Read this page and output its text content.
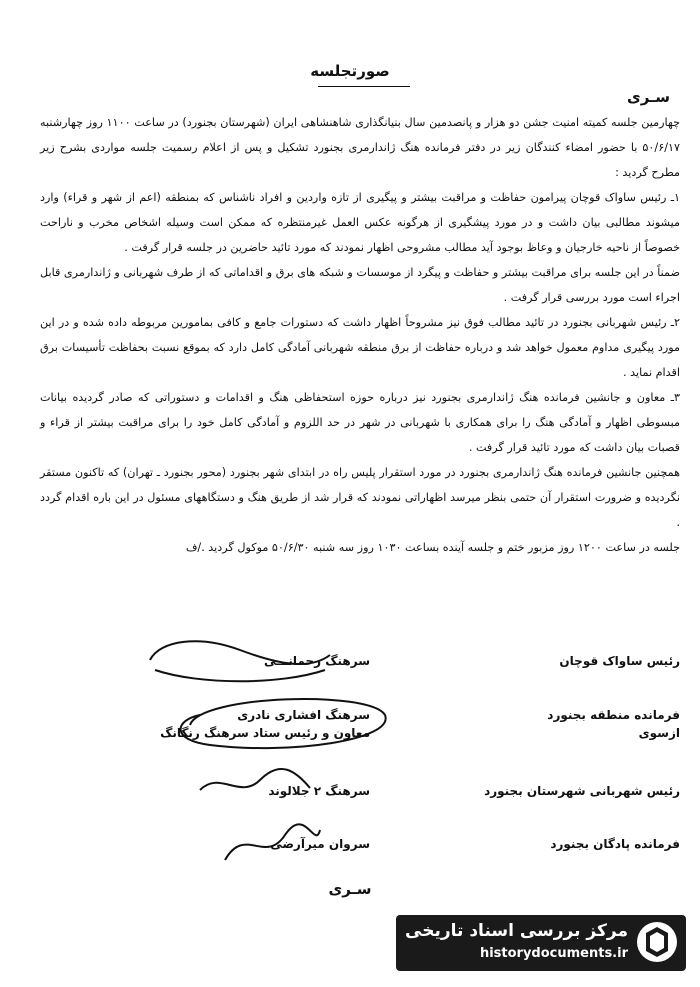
صورتجلسه
سـری

چهارمین جلسه کمیته امنیت جشن دو هزار و پانصدمین سال بنیانگذاری شاهنشاهی ایران (شهرستان بجنورد) در ساعت ۱۱۰۰ روز چهارشنبه ۵۰/۶/۱۷ با حضور امضاء کنندگان زیر در دفتر فرمانده هنگ ژاندارمری بجنورد تشکیل و پس از اعلام رسمیت جلسه مواردی بشرح زیر مطرح گردید :

۱ـ رئیس ساواک قوچان پیرامون حفاظت و مراقبت بیشتر و پیگیری از تازه واردین و افراد ناشناس که بمنطقه (اعم از شهر و قراء) وارد میشوند مطالبی بیان داشت و در مورد پیشگیری از هرگونه عکس العمل غیرمنتظره که ممکن است وسیله اشخاص مخرب و ناراحت خصوصاً از ناحیه خارجیان و وعاظ بوجود آید مطالب مشروحی اظهار نمودند که مورد تائید حاضرین در جلسه قرار گرفت .

ضمناً در این جلسه برای مراقبت بیشتر و حفاظت و پیگرد از موسسات و شبکه های برق و اقداماتی که از طرف شهربانی و ژاندارمری قابل اجراء است مورد بررسی قرار گرفت .

۲ـ رئیس شهربانی بجنورد در تائید مطالب فوق نیز مشروحاً اظهار داشت که دستورات جامع و کافی بمامورین مربوطه داده شده و در این مورد پیگیری مداوم معمول خواهد شد و درباره حفاظت از برق منطقه شهربانی آمادگی کامل دارد که بموقع نسبت بحفاظت تأسیسات برق اقدام نماید .

۳ـ معاون و جانشین فرمانده هنگ ژاندارمری بجنورد نیز درباره حوزه استحفاظی هنگ و اقدامات و دستوراتی که صادر گردیده بیانات مبسوطی اظهار و آمادگی هنگ را برای همکاری با شهربانی در شهر در حد اللزوم و آمادگی کامل خود را برای مراقبت بیشتر از قراء و قصبات بیان داشت که مورد تائید قرار گرفت .

همچنین جانشین فرمانده هنگ ژاندارمری بجنورد در مورد استقرار پلیس راه در ابتدای شهر بجنورد (محور بجنورد ـ تهران) که تاکنون مستقر نگردیده و ضرورت استقرار آن حتمی بنظر میرسد اظهاراتی نمودند که قرار شد از طریق هنگ و دستگاههای مسئول در این باره اقدام گردد .

جلسه در ساعت ۱۲۰۰ روز مزبور ختم و جلسه آینده بساعت ۱۰۳۰ روز سه شنبه ۵۰/۶/۳۰ موکول گردید ./ف

رئیس ساواک قوچان
سرهنگ رحمانـــی
فرمانده منطقه بجنورد
ازسوی
سرهنگ افشاری نادری
معاون و رئیس ستاد سرهنگ رنگانگ
رئیس شهربانی شهرستان بجنورد
سرهنگ ۲ جلالوند
فرمانده پادگان بجنورد
سروان میرآرضی
سـری
مرکز بررسی اسناد تاریخی
historydocuments.ir
